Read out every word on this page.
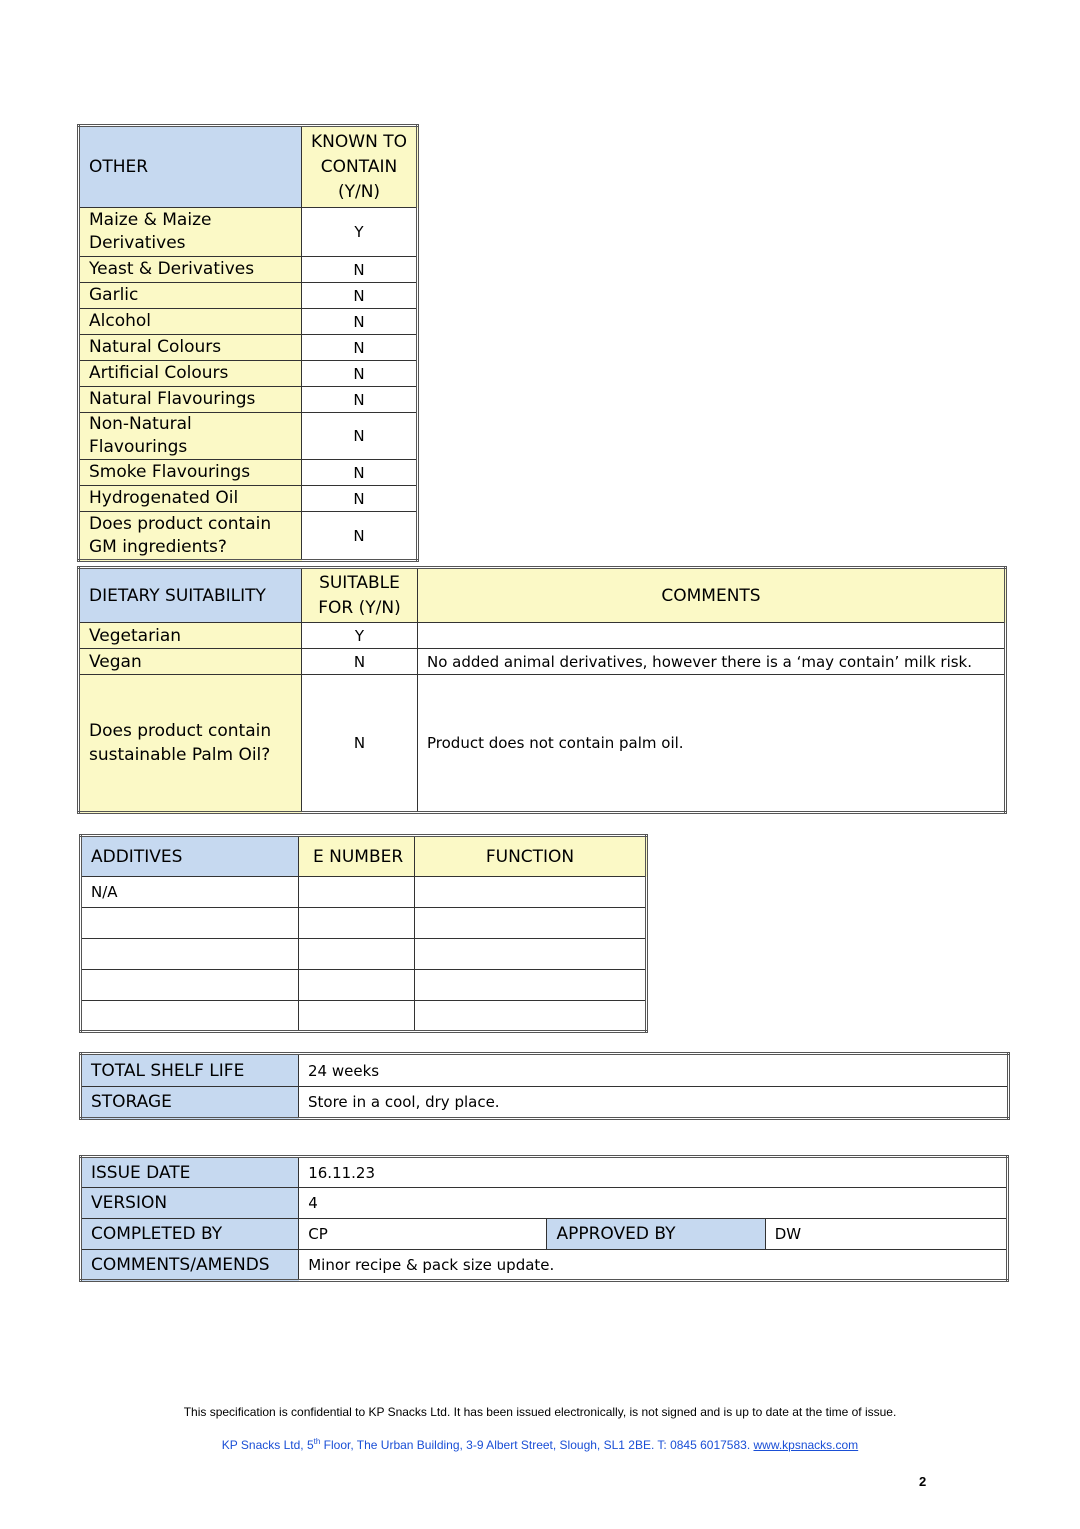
OTHER	KNOWN TO CONTAIN (Y/N)
Maize & Maize Derivatives	Y
Yeast & Derivatives	N
Garlic	N
Alcohol	N
Natural Colours	N
Artificial Colours	N
Natural Flavourings	N
Non-Natural Flavourings	N
Smoke Flavourings	N
Hydrogenated Oil	N
Does product contain GM ingredients?	N
DIETARY SUITABILITY	SUITABLE FOR (Y/N)	COMMENTS
Vegetarian	Y	
Vegan	N	No added animal derivatives, however there is a ‘may contain’ milk risk.
Does product contain sustainable Palm Oil?	N	Product does not contain palm oil.
ADDITIVES	E NUMBER	FUNCTION
N/A		

TOTAL SHELF LIFE	24 weeks
STORAGE	Store in a cool, dry place.
ISSUE DATE	16.11.23		
VERSION	4		
COMPLETED BY	CP	APPROVED BY	DW
COMMENTS/AMENDS	Minor recipe & pack size update.		
This specification is confidential to KP Snacks Ltd. It has been issued electronically, is not signed and is up to date at the time of issue.
KP Snacks Ltd, 5th Floor, The Urban Building, 3-9 Albert Street, Slough, SL1 2BE. T: 0845 6017583. www.kpsnacks.com
2
